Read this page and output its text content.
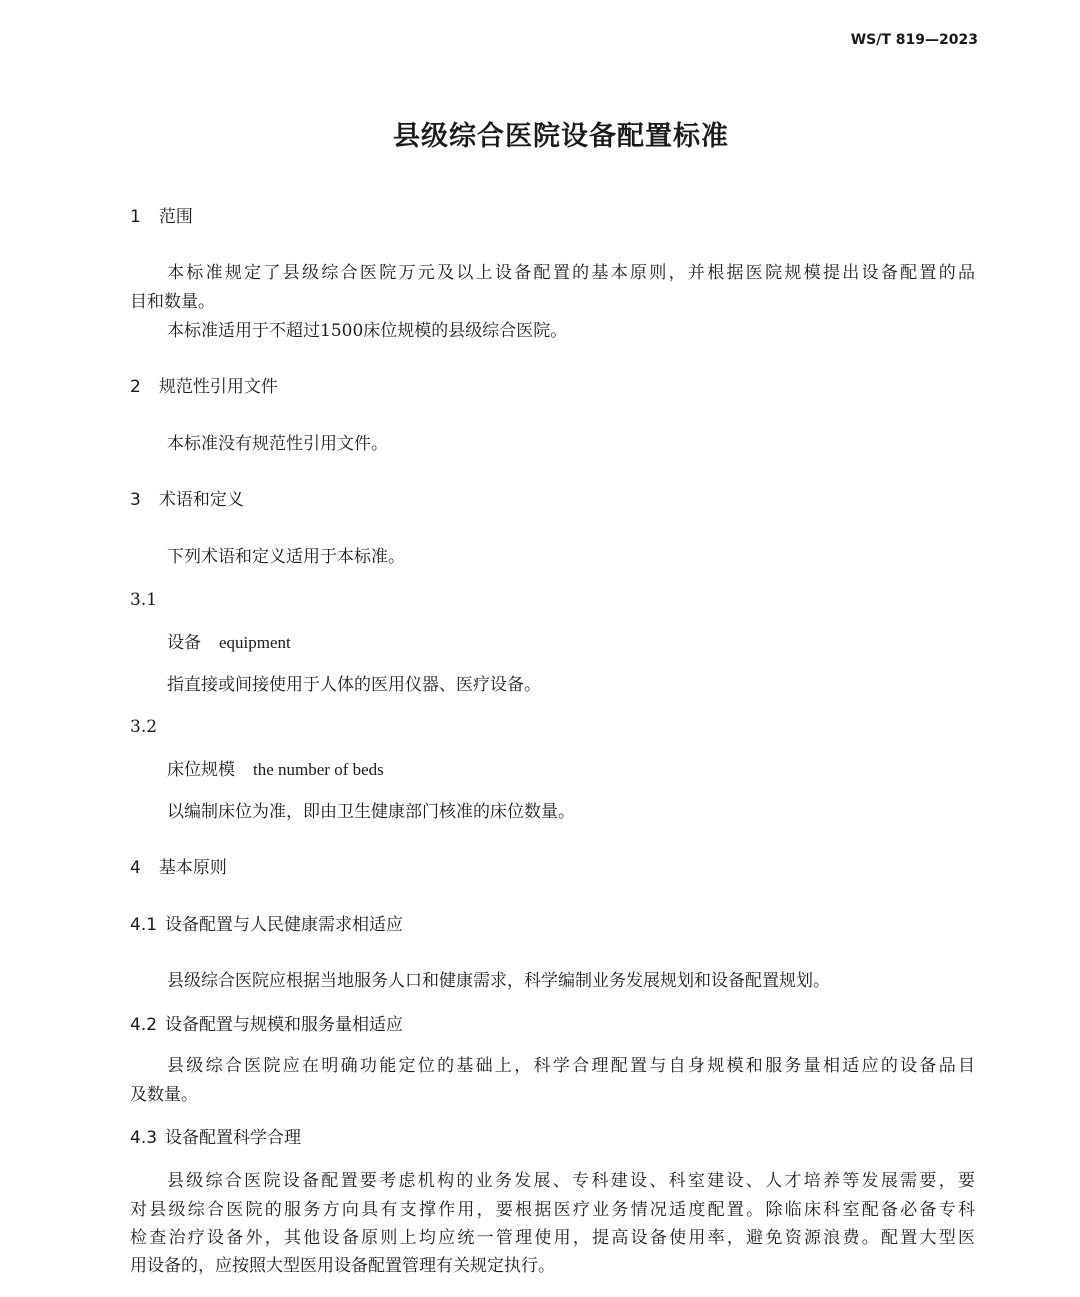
WS/T 819—2023
县级综合医院设备配置标准
1 范围
本标准规定了县级综合医院万元及以上设备配置的基本原则，并根据医院规模提出设备配置的品
目和数量。
本标准适用于不超过1500床位规模的县级综合医院。
2 规范性引用文件
本标准没有规范性引用文件。
3 术语和定义
下列术语和定义适用于本标准。
3.1
设备 equipment
指直接或间接使用于人体的医用仪器、医疗设备。
3.2
床位规模 the number of beds
以编制床位为准，即由卫生健康部门核准的床位数量。
4 基本原则
4.1 设备配置与人民健康需求相适应
县级综合医院应根据当地服务人口和健康需求，科学编制业务发展规划和设备配置规划。
4.2 设备配置与规模和服务量相适应
县级综合医院应在明确功能定位的基础上，科学合理配置与自身规模和服务量相适应的设备品目
及数量。
4.3 设备配置科学合理
县级综合医院设备配置要考虑机构的业务发展、专科建设、科室建设、人才培养等发展需要，要
对县级综合医院的服务方向具有支撑作用，要根据医疗业务情况适度配置。除临床科室配备必备专科
检查治疗设备外，其他设备原则上均应统一管理使用，提高设备使用率，避免资源浪费。配置大型医
用设备的，应按照大型医用设备配置管理有关规定执行。
